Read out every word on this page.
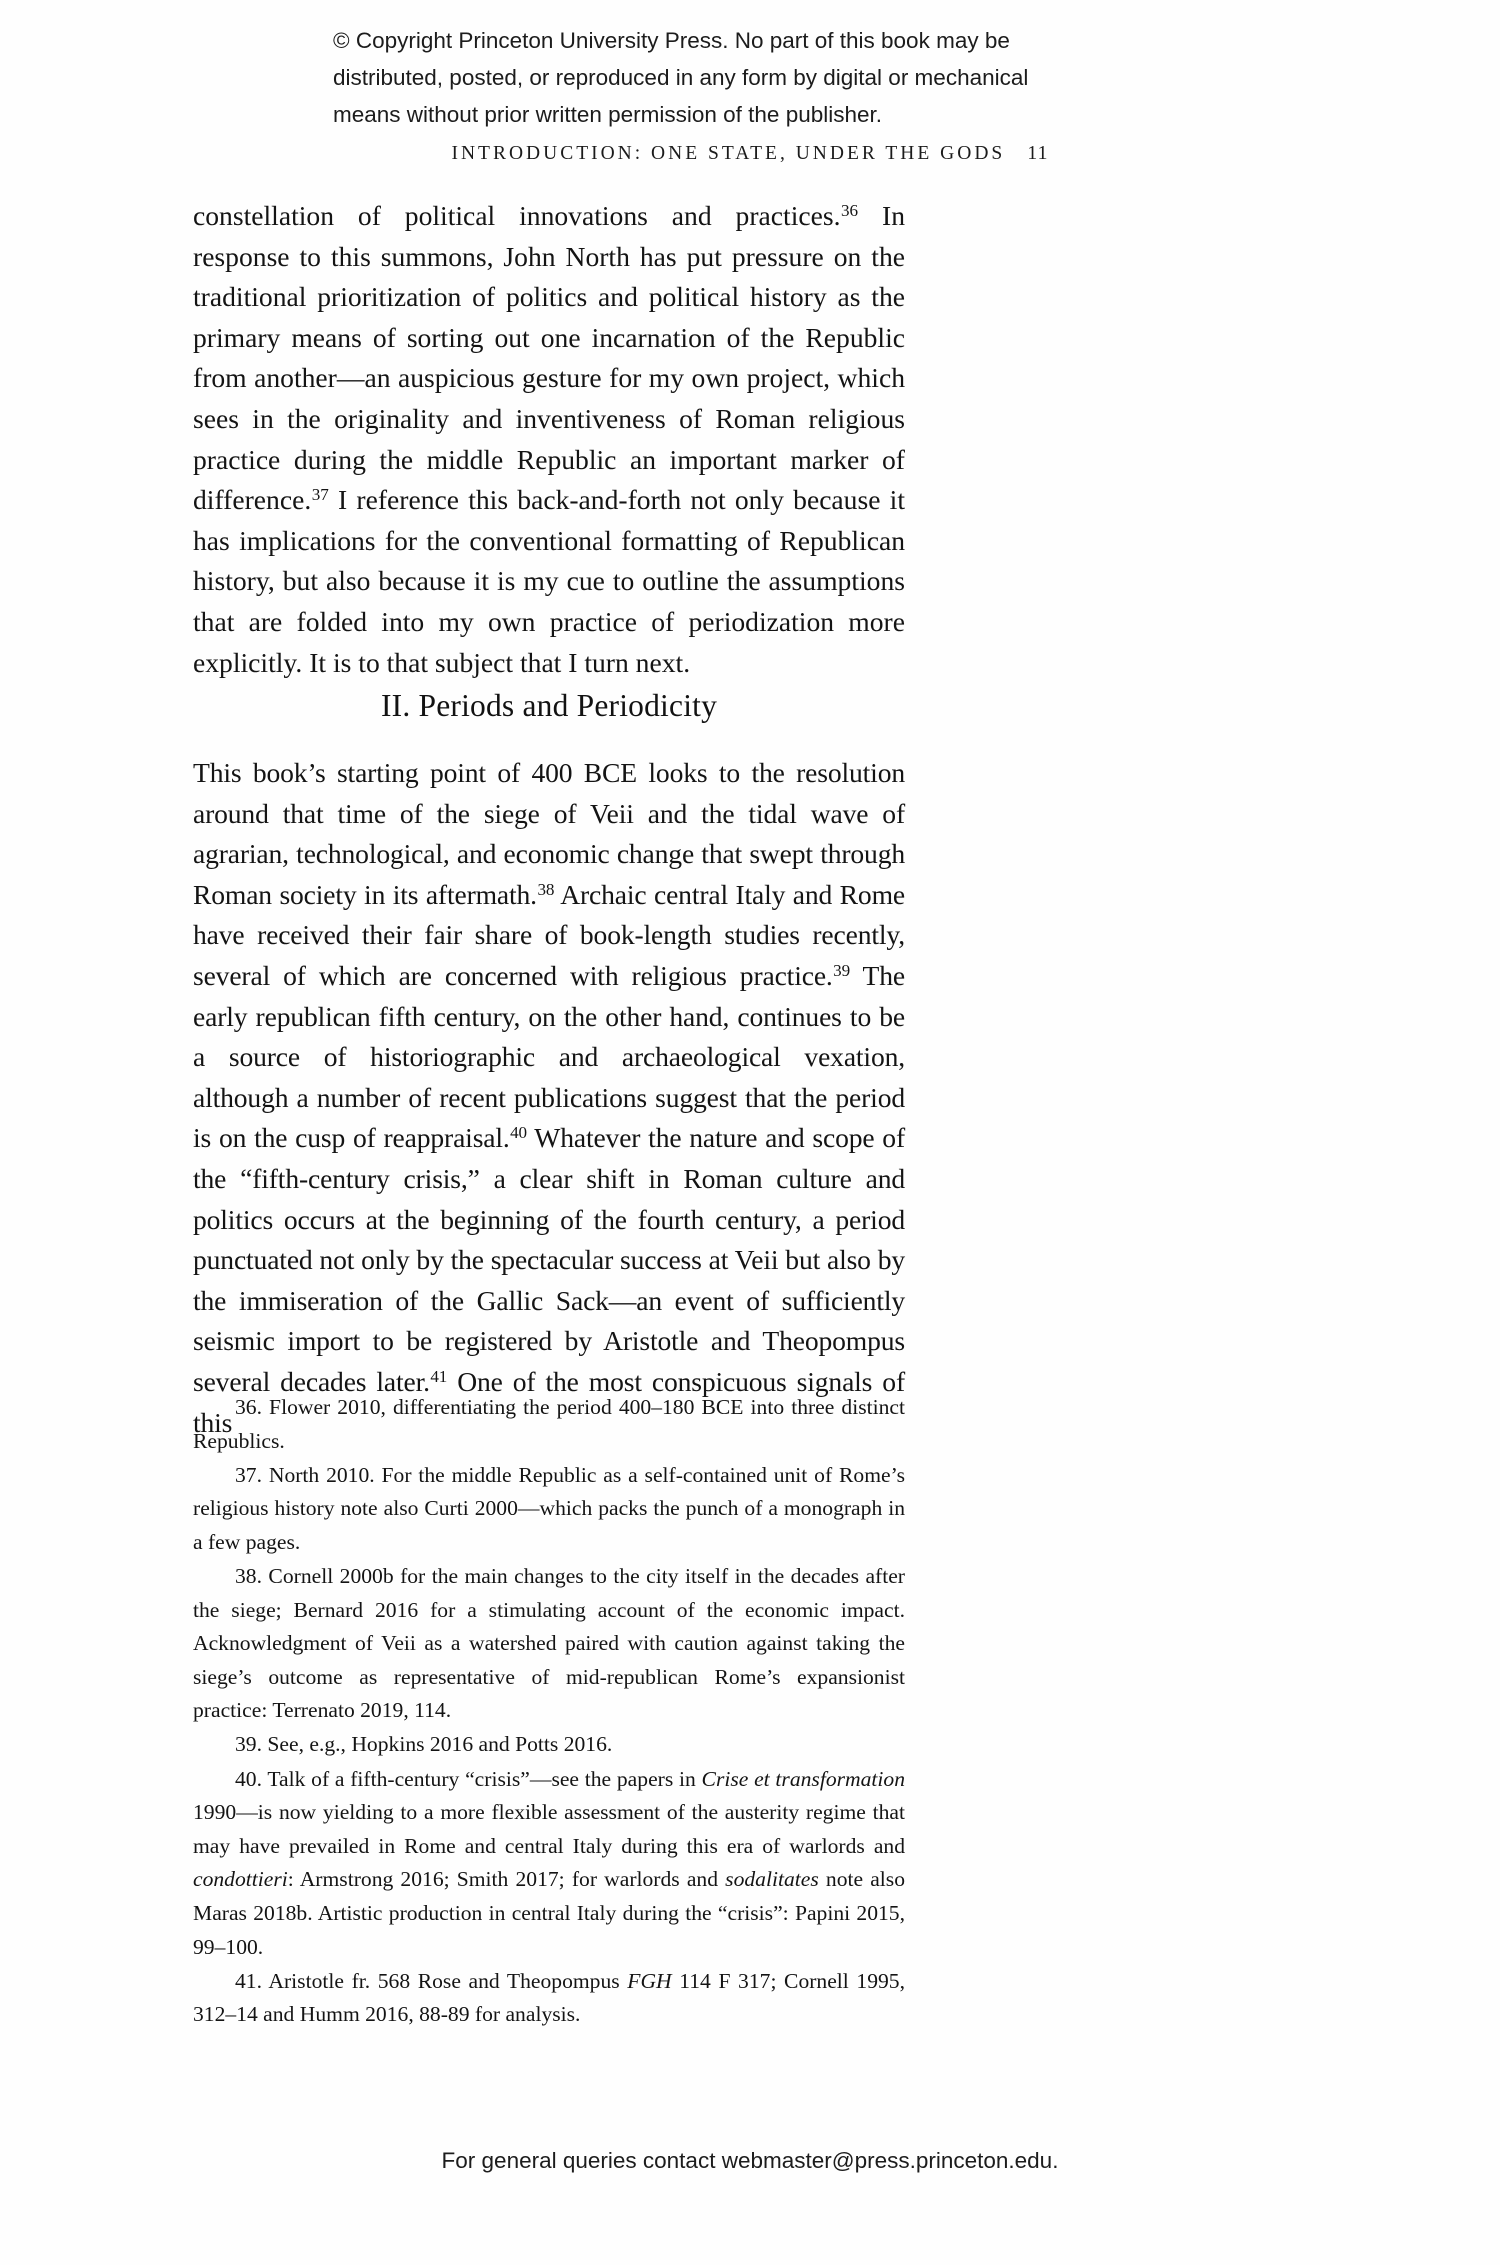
© Copyright Princeton University Press. No part of this book may be
distributed, posted, or reproduced in any form by digital or mechanical
means without prior written permission of the publisher.
INTRODUCTION: ONE STATE, UNDER THE GODS 11

constellation of political innovations and practices.$^{36}$ In response to this summons, John North has put pressure on the traditional prioritization of politics and political history as the primary means of sorting out one incarnation of the Republic from another—an auspicious gesture for my own project, which sees in the originality and inventiveness of Roman religious practice during the middle Republic an important marker of difference.$^{37}$ I reference this back-and-forth not only because it has implications for the conventional formatting of Republican history, but also because it is my cue to outline the assumptions that are folded into my own practice of periodization more explicitly. It is to that subject that I turn next.

II. Periods and Periodicity

This book’s starting point of 400 BCE looks to the resolution around that time of the siege of Veii and the tidal wave of agrarian, technological, and economic change that swept through Roman society in its aftermath.$^{38}$ Archaic central Italy and Rome have received their fair share of book-length studies recently, several of which are concerned with religious practice.$^{39}$ The early republican fifth century, on the other hand, continues to be a source of historiographic and archaeological vexation, although a number of recent publications suggest that the period is on the cusp of reappraisal.$^{40}$ Whatever the nature and scope of the “fifth-century crisis,” a clear shift in Roman culture and politics occurs at the beginning of the fourth century, a period punctuated not only by the spectacular success at Veii but also by the immiseration of the Gallic Sack—an event of sufficiently seismic import to be registered by Aristotle and Theopompus several decades later.$^{41}$ One of the most conspicuous signals of this 36. Flower 2010, differentiating the period 400–180 BCE into three distinct Republics.

37. North 2010. For the middle Republic as a self-contained unit of Rome’s religious history note also Curti 2000—which packs the punch of a monograph in a few pages.

38. Cornell 2000b for the main changes to the city itself in the decades after the siege; Bernard 2016 for a stimulating account of the economic impact. Acknowledgment of Veii as a watershed paired with caution against taking the siege’s outcome as representative of mid-republican Rome’s expansionist practice: Terrenato 2019, 114.

39. See, e.g., Hopkins 2016 and Potts 2016.

40. Talk of a fifth-century “crisis”—see the papers in Crise et transformation 1990—is now yielding to a more flexible assessment of the austerity regime that may have prevailed in Rome and central Italy during this era of warlords and condottieri: Armstrong 2016; Smith 2017; for warlords and sodalitates note also Maras 2018b. Artistic production in central Italy during the “crisis”: Papini 2015, 99–100.

41. Aristotle fr. 568 Rose and Theopompus FGH 114 F 317; Cornell 1995, 312–14 and Humm 2016, 88-89 for analysis.

For general queries contact webmaster@press.princeton.edu.
